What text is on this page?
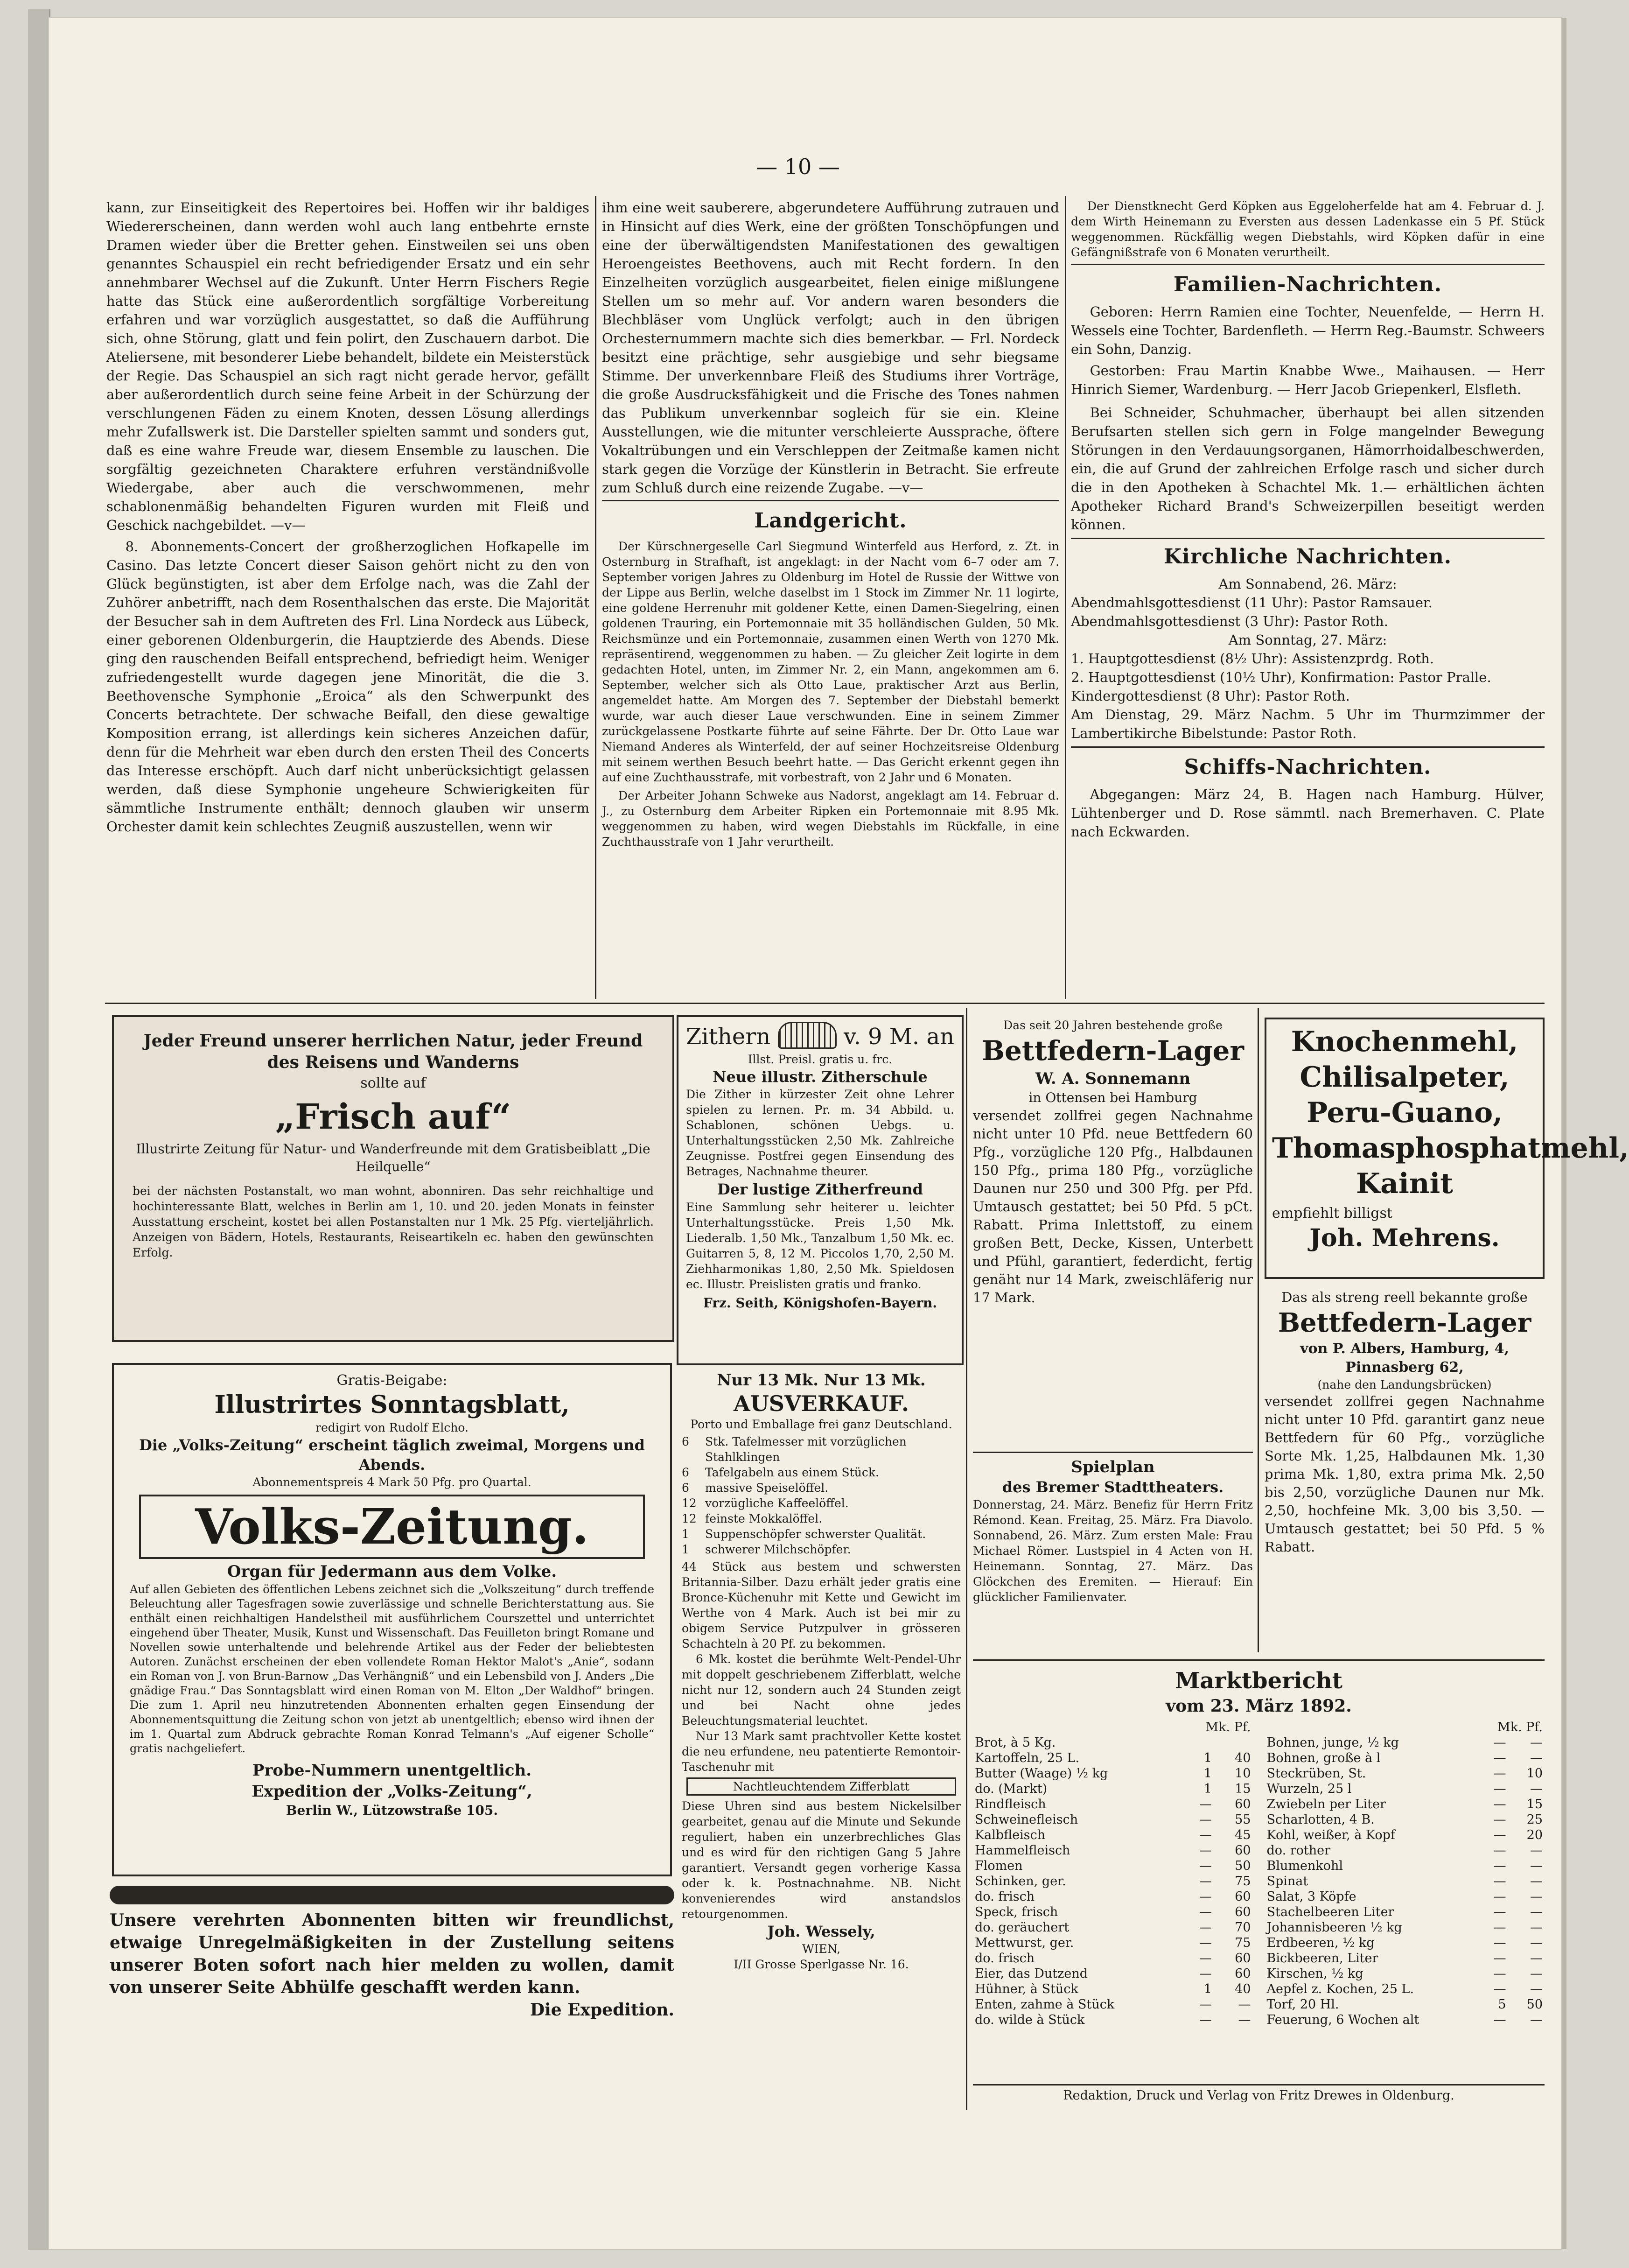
— 10 —

kann, zur Einseitigkeit des Repertoires bei. Hoffen wir ihr baldiges Wiedererscheinen, dann werden wohl auch lang entbehrte ernste Dramen wieder über die Bretter gehen. Einstweilen sei uns oben genanntes Schauspiel ein recht befriedigender Ersatz und ein sehr annehmbarer Wechsel auf die Zukunft. Unter Herrn Fischers Regie hatte das Stück eine außerordentlich sorgfältige Vorbereitung erfahren und war vorzüglich ausgestattet, so daß die Aufführung sich, ohne Störung, glatt und fein polirt, den Zuschauern darbot. Die Ateliersene, mit besonderer Liebe behandelt, bildete ein Meisterstück der Regie. Das Schauspiel an sich ragt nicht gerade hervor, gefällt aber außerordentlich durch seine feine Arbeit in der Schürzung der verschlungenen Fäden zu einem Knoten, dessen Lösung allerdings mehr Zufallswerk ist. Die Darsteller spielten sammt und sonders gut, daß es eine wahre Freude war, diesem Ensemble zu lauschen. Die sorgfältig gezeichneten Charaktere erfuhren verständnißvolle Wiedergabe, aber auch die verschwommenen, mehr schablonenmäßig behandelten Figuren wurden mit Fleiß und Geschick nachgebildet. —v—

8. Abonnements-Concert der großherzoglichen Hofkapelle im Casino. Das letzte Concert dieser Saison gehört nicht zu den von Glück begünstigten, ist aber dem Erfolge nach, was die Zahl der Zuhörer anbetrifft, nach dem Rosenthalschen das erste. Die Majorität der Besucher sah in dem Auftreten des Frl. Lina Nordeck aus Lübeck, einer geborenen Oldenburgerin, die Hauptzierde des Abends. Diese ging den rauschenden Beifall entsprechend, befriedigt heim. Weniger zufriedengestellt wurde dagegen jene Minorität, die die 3. Beethovensche Symphonie „Eroica“ als den Schwerpunkt des Concerts betrachtete. Der schwache Beifall, den diese gewaltige Komposition errang, ist allerdings kein sicheres Anzeichen dafür, denn für die Mehrheit war eben durch den ersten Theil des Concerts das Interesse erschöpft. Auch darf nicht unberücksichtigt gelassen werden, daß diese Symphonie ungeheure Schwierigkeiten für sämmtliche Instrumente enthält; dennoch glauben wir unserm Orchester damit kein schlechtes Zeugniß auszustellen, wenn wir

ihm eine weit sauberere, abgerundetere Aufführung zutrauen und in Hinsicht auf dies Werk, eine der größten Tonschöpfungen und eine der überwältigendsten Manifestationen des gewaltigen Heroengeistes Beethovens, auch mit Recht fordern. In den Einzelheiten vorzüglich ausgearbeitet, fielen einige mißlungene Stellen um so mehr auf. Vor andern waren besonders die Blechbläser vom Unglück verfolgt; auch in den übrigen Orchesternummern machte sich dies bemerkbar. — Frl. Nordeck besitzt eine prächtige, sehr ausgiebige und sehr biegsame Stimme. Der unverkennbare Fleiß des Studiums ihrer Vorträge, die große Ausdrucksfähigkeit und die Frische des Tones nahmen das Publikum unverkennbar sogleich für sie ein. Kleine Ausstellungen, wie die mitunter verschleierte Aussprache, öftere Vokaltrübungen und ein Verschleppen der Zeitmaße kamen nicht stark gegen die Vorzüge der Künstlerin in Betracht. Sie erfreute zum Schluß durch eine reizende Zugabe. —v—

Landgericht.

Der Kürschnergeselle Carl Siegmund Winterfeld aus Herford, z. Zt. in Osternburg in Strafhaft, ist angeklagt: in der Nacht vom 6–7 oder am 7. September vorigen Jahres zu Oldenburg im Hotel de Russie der Wittwe von der Lippe aus Berlin, welche daselbst im 1 Stock im Zimmer Nr. 11 logirte, eine goldene Herrenuhr mit goldener Kette, einen Damen-Siegelring, einen goldenen Trauring, ein Portemonnaie mit 35 holländischen Gulden, 50 Mk. Reichsmünze und ein Portemonnaie, zusammen einen Werth von 1270 Mk. repräsentirend, weggenommen zu haben. — Zu gleicher Zeit logirte in dem gedachten Hotel, unten, im Zimmer Nr. 2, ein Mann, angekommen am 6. September, welcher sich als Otto Laue, praktischer Arzt aus Berlin, angemeldet hatte. Am Morgen des 7. September der Diebstahl bemerkt wurde, war auch dieser Laue verschwunden. Eine in seinem Zimmer zurückgelassene Postkarte führte auf seine Fährte. Der Dr. Otto Laue war Niemand Anderes als Winterfeld, der auf seiner Hochzeitsreise Oldenburg mit seinem werthen Besuch beehrt hatte. — Das Gericht erkennt gegen ihn auf eine Zuchthausstrafe, mit vorbestraft, von 2 Jahr und 6 Monaten.

Der Arbeiter Johann Schweke aus Nadorst, angeklagt am 14. Februar d. J., zu Osternburg dem Arbeiter Ripken ein Portemonnaie mit 8.95 Mk. weggenommen zu haben, wird wegen Diebstahls im Rückfalle, in eine Zuchthausstrafe von 1 Jahr verurtheilt.

Der Dienstknecht Gerd Köpken aus Eggeloherfelde hat am 4. Februar d. J. dem Wirth Heinemann zu Eversten aus dessen Ladenkasse ein 5 Pf. Stück weggenommen. Rückfällig wegen Diebstahls, wird Köpken dafür in eine Gefängnißstrafe von 6 Monaten verurtheilt.
Familien-Nachrichten.

Geboren: Herrn Ramien eine Tochter, Neuenfelde, — Herrn H. Wessels eine Tochter, Bardenfleth. — Herrn Reg.-Baumstr. Schweers ein Sohn, Danzig.

Gestorben: Frau Martin Knabbe Wwe., Maihausen. — Herr Hinrich Siemer, Wardenburg. — Herr Jacob Griepenkerl, Elsfleth.

Bei Schneider, Schuhmacher, überhaupt bei allen sitzenden Berufsarten stellen sich gern in Folge mangelnder Bewegung Störungen in den Verdauungsorganen, Hämorrhoidalbeschwerden, ein, die auf Grund der zahlreichen Erfolge rasch und sicher durch die in den Apotheken à Schachtel Mk. 1.— erhältlichen ächten Apotheker Richard Brand's Schweizerpillen beseitigt werden können.

Kirchliche Nachrichten.
Am Sonnabend, 26. März:
Abendmahlsgottesdienst (11 Uhr): Pastor Ramsauer.
Abendmahlsgottesdienst (3 Uhr): Pastor Roth.
Am Sonntag, 27. März:
1. Hauptgottesdienst (8½ Uhr): Assistenzprdg. Roth.
2. Hauptgottesdienst (10½ Uhr), Konfirmation: Pastor Pralle.
Kindergottesdienst (8 Uhr): Pastor Roth.
Am Dienstag, 29. März Nachm. 5 Uhr im Thurmzimmer der Lambertikirche Bibelstunde: Pastor Roth.
Schiffs-Nachrichten.

Abgegangen: März 24, B. Hagen nach Hamburg. Hülver, Lühtenberger und D. Rose sämmtl. nach Bremerhaven. C. Plate nach Eckwarden.

Jeder Freund unserer herrlichen Natur, jeder Freund des Reisens und Wanderns
sollte auf
„Frisch auf“
Illustrirte Zeitung für Natur- und Wanderfreunde mit dem Gratisbeiblatt „Die Heilquelle“
bei der nächsten Postanstalt, wo man wohnt, abonniren. Das sehr reichhaltige und hochinteressante Blatt, welches in Berlin am 1, 10. und 20. jeden Monats in feinster Ausstattung erscheint, kostet bei allen Postanstalten nur 1 Mk. 25 Pfg. vierteljährlich. Anzeigen von Bädern, Hotels, Restaurants, Reiseartikeln ec. haben den gewünschten Erfolg.
Gratis-Beigabe:
Illustrirtes Sonntagsblatt,
redigirt von Rudolf Elcho.
Die „Volks-Zeitung“ erscheint täglich zweimal, Morgens und Abends.
Abonnementspreis 4 Mark 50 Pfg. pro Quartal.
Volks-Zeitung.
Organ für Jedermann aus dem Volke.
Auf allen Gebieten des öffentlichen Lebens zeichnet sich die „Volkszeitung“ durch treffende Beleuchtung aller Tagesfragen sowie zuverlässige und schnelle Berichterstattung aus. Sie enthält einen reichhaltigen Handelstheil mit ausführlichem Courszettel und unterrichtet eingehend über Theater, Musik, Kunst und Wissenschaft. Das Feuilleton bringt Romane und Novellen sowie unterhaltende und belehrende Artikel aus der Feder der beliebtesten Autoren. Zunächst erscheinen der eben vollendete Roman Hektor Malot's „Anie“, sodann ein Roman von J. von Brun-Barnow „Das Verhängniß“ und ein Lebensbild von J. Anders „Die gnädige Frau.“ Das Sonntagsblatt wird einen Roman von M. Elton „Der Waldhof“ bringen. Die zum 1. April neu hinzutretenden Abonnenten erhalten gegen Einsendung der Abonnementsquittung die Zeitung schon von jetzt ab unentgeltlich; ebenso wird ihnen der im 1. Quartal zum Abdruck gebrachte Roman Konrad Telmann's „Auf eigener Scholle“ gratis nachgeliefert.
Probe-Nummern unentgeltlich.
Expedition der „Volks-Zeitung“,
Berlin W., Lützowstraße 105.
Unsere verehrten Abonnenten bitten wir freundlichst, etwaige Unregelmäßigkeiten in der Zustellung seitens unserer Boten sofort nach hier melden zu wollen, damit von unserer Seite Abhülfe geschafft werden kann.
Die Expedition.
Zithern	v. 9 M. an
Illst. Preisl. gratis u. frc.
Neue illustr. Zitherschule
Die Zither in kürzester Zeit ohne Lehrer spielen zu lernen. Pr. m. 34 Abbild. u. Schablonen, schönen Uebgs. u. Unterhaltungsstücken 2,50 Mk. Zahlreiche Zeugnisse. Postfrei gegen Einsendung des Betrages, Nachnahme theurer.
Der lustige Zitherfreund
Eine Sammlung sehr heiterer u. leichter Unterhaltungsstücke. Preis 1,50 Mk. Liederalb. 1,50 Mk., Tanzalbum 1,50 Mk. ec. Guitarren 5, 8, 12 M. Piccolos 1,70, 2,50 M. Ziehharmonikas 1,80, 2,50 Mk. Spieldosen ec. Illustr. Preislisten gratis und franko.
Frz. Seith, Königshofen-Bayern.
Nur 13 Mk. Nur 13 Mk.
AUSVERKAUF.
Porto und Emballage frei ganz Deutschland.
6	Stk. Tafelmesser mit vorzüglichen Stahlklingen
6	Tafelgabeln aus einem Stück.
6	massive Speiselöffel.
12 vorzügliche Kaffeelöffel.
12 feinste Mokkalöffel.
1	Suppenschöpfer schwerster Qualität.
1	schwerer Milchschöpfer.
44 Stück aus bestem und schwersten Britannia-Silber. Dazu erhält jeder gratis eine Bronce-Küchenuhr mit Kette und Gewicht im Werthe von 4 Mark. Auch ist bei mir zu obigem Service Putzpulver in grösseren Schachteln à 20 Pf. zu bekommen.
6 Mk. kostet die berühmte Welt-Pendel-Uhr mit doppelt geschriebenem Zifferblatt, welche nicht nur 12, sondern auch 24 Stunden zeigt und bei Nacht ohne jedes Beleuchtungsmaterial leuchtet.
Nur 13 Mark samt prachtvoller Kette kostet die neu erfundene, neu patentierte Remontoir-Taschenuhr mit
Nachtleuchtendem Zifferblatt
Diese Uhren sind aus bestem Nickelsilber gearbeitet, genau auf die Minute und Sekunde reguliert, haben ein unzerbrechliches Glas und es wird für den richtigen Gang 5 Jahre garantiert. Versandt gegen vorherige Kassa oder k. k. Postnachnahme. NB. Nicht konvenierendes wird anstandslos retourgenommen.
Joh. Wessely,
WIEN,
I/II Grosse Sperlgasse Nr. 16.
Das seit 20 Jahren bestehende große
Bettfedern-Lager
W. A. Sonnemann
in Ottensen bei Hamburg
versendet zollfrei gegen Nachnahme nicht unter 10 Pfd. neue Bettfedern 60 Pfg., vorzügliche 120 Pfg., Halbdaunen 150 Pfg., prima 180 Pfg., vorzügliche Daunen nur 250 und 300 Pfg. per Pfd. Umtausch gestattet; bei 50 Pfd. 5 pCt. Rabatt. Prima Inlettstoff, zu einem großen Bett, Decke, Kissen, Unterbett und Pfühl, garantiert, federdicht, fertig genäht nur 14 Mark, zweischläferig nur 17 Mark.
Spielplan
des Bremer Stadttheaters.
Donnerstag, 24. März. Benefiz für Herrn Fritz Rémond. Kean. Freitag, 25. März. Fra Diavolo. Sonnabend, 26. März. Zum ersten Male: Frau Michael Römer. Lustspiel in 4 Acten von H. Heinemann. Sonntag, 27. März. Das Glöckchen des Eremiten. — Hierauf: Ein glücklicher Familienvater.
Knochenmehl, Chilisalpeter, Peru-Guano, Thomasphosphatmehl, Kainit
empfiehlt billigst
Joh. Mehrens.
Das als streng reell bekannte große
Bettfedern-Lager
von P. Albers, Hamburg, 4, Pinnasberg 62,
(nahe den Landungsbrücken)
versendet zollfrei gegen Nachnahme nicht unter 10 Pfd. garantirt ganz neue Bettfedern für 60 Pfg., vorzügliche Sorte Mk. 1,25, Halbdaunen Mk. 1,30 prima Mk. 1,80, extra prima Mk. 2,50 bis 2,50, vorzügliche Daunen nur Mk. 2,50, hochfeine Mk. 3,00 bis 3,50. — Umtausch gestattet; bei 50 Pfd. 5 % Rabatt.
Marktbericht
vom 23. März 1892.
	Mk. Pf.	
Brot, à 5 Kg.		
Kartoffeln, 25 L.	1	40
Butter (Waage) ½ kg	1	10
do. (Markt)	1	15
Rindfleisch	—	60
Schweinefleisch	—	55
Kalbfleisch	—	45
Hammelfleisch	—	60
Flomen	—	50
Schinken, ger.	—	75
do. frisch	—	60
Speck, frisch	—	60
do. geräuchert	—	70
Mettwurst, ger.	—	75
do. frisch	—	60
Eier, das Dutzend	—	60
Hühner, à Stück	1	40
Enten, zahme à Stück	—	—
do. wilde à Stück	—	—
	Mk. Pf.	
Bohnen, junge, ½ kg	—	—
Bohnen, große à l	—	—
Steckrüben, St.	—	10
Wurzeln, 25 l	—	—
Zwiebeln per Liter	—	15
Scharlotten, 4 B.	—	25
Kohl, weißer, à Kopf	—	20
do. rother	—	—
Blumenkohl	—	—
Spinat	—	—
Salat, 3 Köpfe	—	—
Stachelbeeren Liter	—	—
Johannisbeeren ½ kg	—	—
Erdbeeren, ½ kg	—	—
Bickbeeren, Liter	—	—
Kirschen, ½ kg	—	—
Aepfel z. Kochen, 25 L.	—	—
Torf, 20 Hl.	5	50
Feuerung, 6 Wochen alt	—	—
Redaktion, Druck und Verlag von Fritz Drewes in Oldenburg.
